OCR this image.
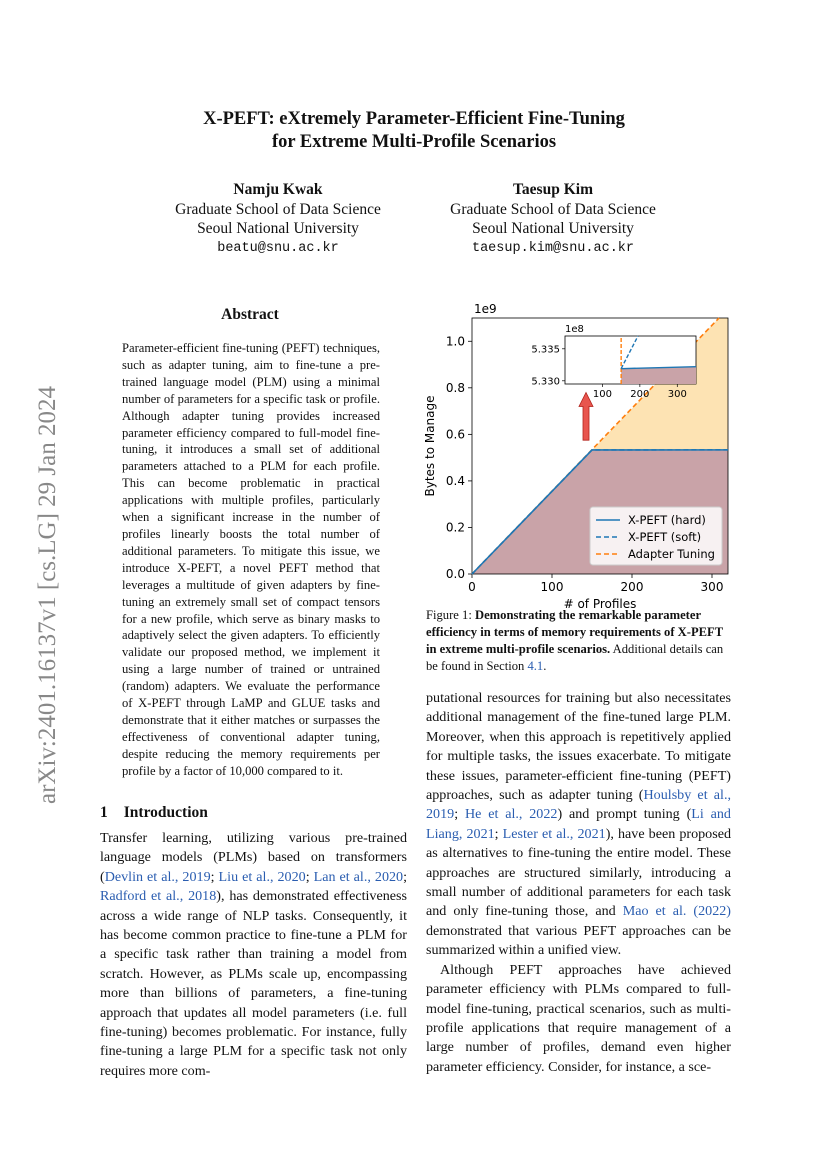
X-PEFT: eXtremely Parameter-Efficient Fine-Tuning
for Extreme Multi-Profile Scenarios
Namju Kwak
Graduate School of Data Science
Seoul National University
beatu@snu.ac.kr
Taesup Kim
Graduate School of Data Science
Seoul National University
taesup.kim@snu.ac.kr
arXiv:2401.16137v1 [cs.LG] 29 Jan 2024
Abstract
Parameter-efficient fine-tuning (PEFT) techniques, such as adapter tuning, aim to fine-tune a pre-trained language model (PLM) using a minimal number of parameters for a specific task or profile. Although adapter tuning provides increased parameter efficiency compared to full-model fine-tuning, it introduces a small set of additional parameters attached to a PLM for each profile. This can become problematic in practical applications with multiple profiles, particularly when a significant increase in the number of profiles linearly boosts the total number of additional parameters. To mitigate this issue, we introduce X-PEFT, a novel PEFT method that leverages a multitude of given adapters by fine-tuning an extremely small set of compact tensors for a new profile, which serve as binary masks to adaptively select the given adapters. To efficiently validate our proposed method, we implement it using a large number of trained or untrained (random) adapters. We evaluate the performance of X-PEFT through LaMP and GLUE tasks and demonstrate that it either matches or surpasses the effectiveness of conventional adapter tuning, despite reducing the memory requirements per profile by a factor of 10,000 compared to it.
1 Introduction

Transfer learning, utilizing various pre-trained language models (PLMs) based on transformers (Devlin et al., 2019; Liu et al., 2020; Lan et al., 2020; Radford et al., 2018), has demonstrated effectiveness across a wide range of NLP tasks. Consequently, it has become common practice to fine-tune a PLM for a specific task rather than training a model from scratch. However, as PLMs scale up, encompassing more than billions of parameters, a fine-tuning approach that updates all model parameters (i.e. full fine-tuning) becomes problematic. For instance, fully fine-tuning a large PLM for a specific task not only requires more com-

0	100	200	300
0.0
0.2
0.4
0.6
0.8
1.0
1e9
# of Profiles
Bytes to Manage
X-PEFT (hard)
X-PEFT (soft)
Adapter Tuning
100 200 300
5.330
5.335
1e8
Figure 1: Demonstrating the remarkable parameter efficiency in terms of memory requirements of X-PEFT in extreme multi-profile scenarios. Additional details can be found in Section 4.1.

putational resources for training but also necessitates additional management of the fine-tuned large PLM. Moreover, when this approach is repetitively applied for multiple tasks, the issues exacerbate. To mitigate these issues, parameter-efficient fine-tuning (PEFT) approaches, such as adapter tuning (Houlsby et al., 2019; He et al., 2022) and prompt tuning (Li and Liang, 2021; Lester et al., 2021), have been proposed as alternatives to fine-tuning the entire model. These approaches are structured similarly, introducing a small number of additional parameters for each task and only fine-tuning those, and Mao et al. (2022) demonstrated that various PEFT approaches can be summarized within a unified view.

Although PEFT approaches have achieved parameter efficiency with PLMs compared to full-model fine-tuning, practical scenarios, such as multi-profile applications that require management of a large number of profiles, demand even higher parameter efficiency. Consider, for instance, a sce-
